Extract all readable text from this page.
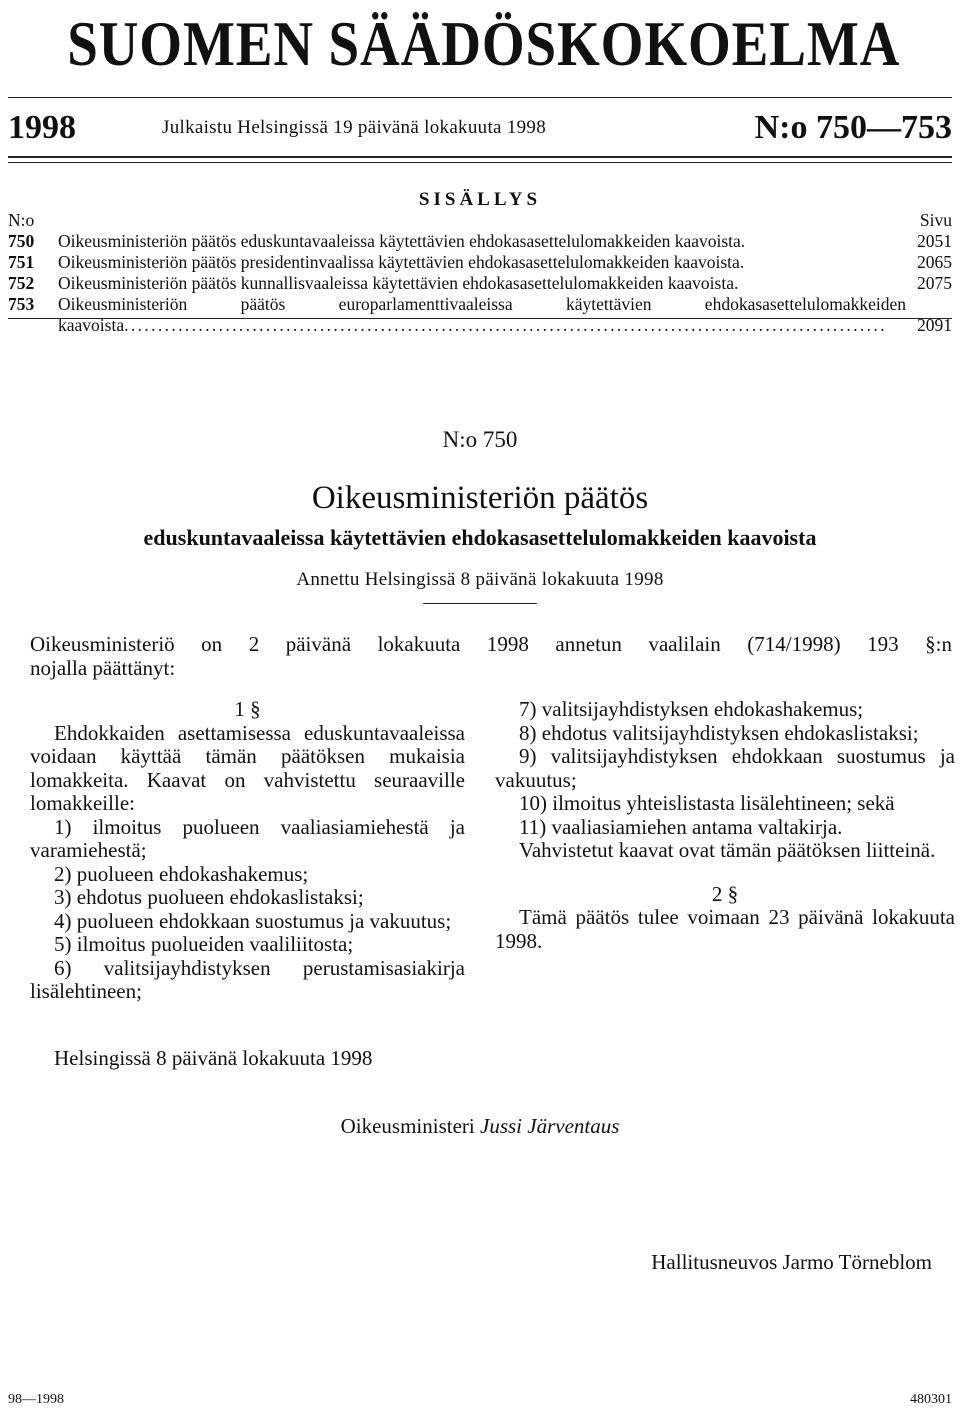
SUOMEN SÄÄDÖSKOKOELMA
1998	Julkaistu Helsingissä 19 päivänä lokakuuta 1998	N:o 750—753
SISÄLLYS
N:o	Sivu
750	Oikeusministeriön päätös eduskuntavaaleissa käytettävien ehdokasasettelulomakkeiden kaavoista.	2051
751	Oikeusministeriön päätös presidentinvaalissa käytettävien ehdokasasettelulomakkeiden kaavoista.	2065
752	Oikeusministeriön päätös kunnallisvaaleissa käytettävien ehdokasasettelulomakkeiden kaavoista.	2075
753	Oikeusministeriön päätös europarlamenttivaaleissa käytettävien ehdokasasettelulomakkeiden
kaavoista
. . .	2091
N:o 750
Oikeusministeriön päätös
eduskuntavaaleissa käytettävien ehdokasasettelulomakkeiden kaavoista
Annettu Helsingissä 8 päivänä lokakuuta 1998
Oikeusministeriö on 2 päivänä lokakuuta 1998 annetun vaalilain (714/1998) 193 §:n
nojalla päättänyt:

1 §

Ehdokkaiden asettamisessa eduskuntavaaleissa voidaan käyttää tämän päätöksen mukaisia lomakkeita. Kaavat on vahvistettu seuraaville lomakkeille:

1) ilmoitus puolueen vaaliasiamiehestä ja varamiehestä;

2) puolueen ehdokashakemus;

3) ehdotus puolueen ehdokaslistaksi;

4) puolueen ehdokkaan suostumus ja vakuutus;

5) ilmoitus puolueiden vaaliliitosta;

6) valitsijayhdistyksen perustamisasiakirja lisälehtineen;

7) valitsijayhdistyksen ehdokashakemus;

8) ehdotus valitsijayhdistyksen ehdokaslistaksi;

9) valitsijayhdistyksen ehdokkaan suostumus ja vakuutus;

10) ilmoitus yhteislistasta lisälehtineen; sekä

11) vaaliasiamiehen antama valtakirja.

Vahvistetut kaavat ovat tämän päätöksen liitteinä.

2 §

Tämä päätös tulee voimaan 23 päivänä lokakuuta 1998.

Helsingissä 8 päivänä lokakuuta 1998
Oikeusministeri Jussi Järventaus
Hallitusneuvos Jarmo Törneblom
98—1998	480301
